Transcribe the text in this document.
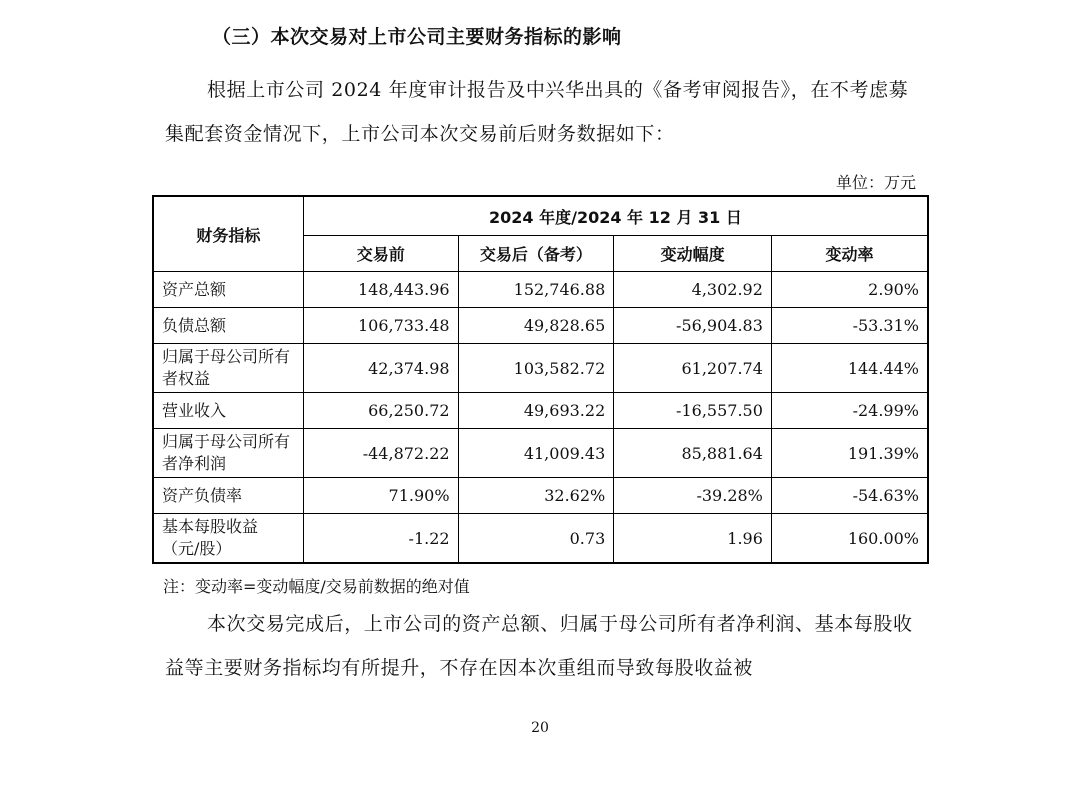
（三）本次交易对上市公司主要财务指标的影响
根据上市公司 2024 年度审计报告及中兴华出具的《备考审阅报告》，在不考虑募集配套资金情况下，上市公司本次交易前后财务数据如下：
单位：万元
财务指标	2024 年度/2024 年 12 月 31 日			
	交易前	交易后（备考）	变动幅度	变动率
资产总额	148,443.96	152,746.88	4,302.92	2.90%
负债总额	106,733.48	49,828.65	-56,904.83	-53.31%
归属于母公司所有者权益	42,374.98	103,582.72	61,207.74	144.44%
营业收入	66,250.72	49,693.22	-16,557.50	-24.99%
归属于母公司所有者净利润	-44,872.22	41,009.43	85,881.64	191.39%
资产负债率	71.90%	32.62%	-39.28%	-54.63%
基本每股收益（元/股）	-1.22	0.73	1.96	160.00%
注：变动率=变动幅度/交易前数据的绝对值
本次交易完成后，上市公司的资产总额、归属于母公司所有者净利润、基本每股收益等主要财务指标均有所提升，不存在因本次重组而导致每股收益被
20
